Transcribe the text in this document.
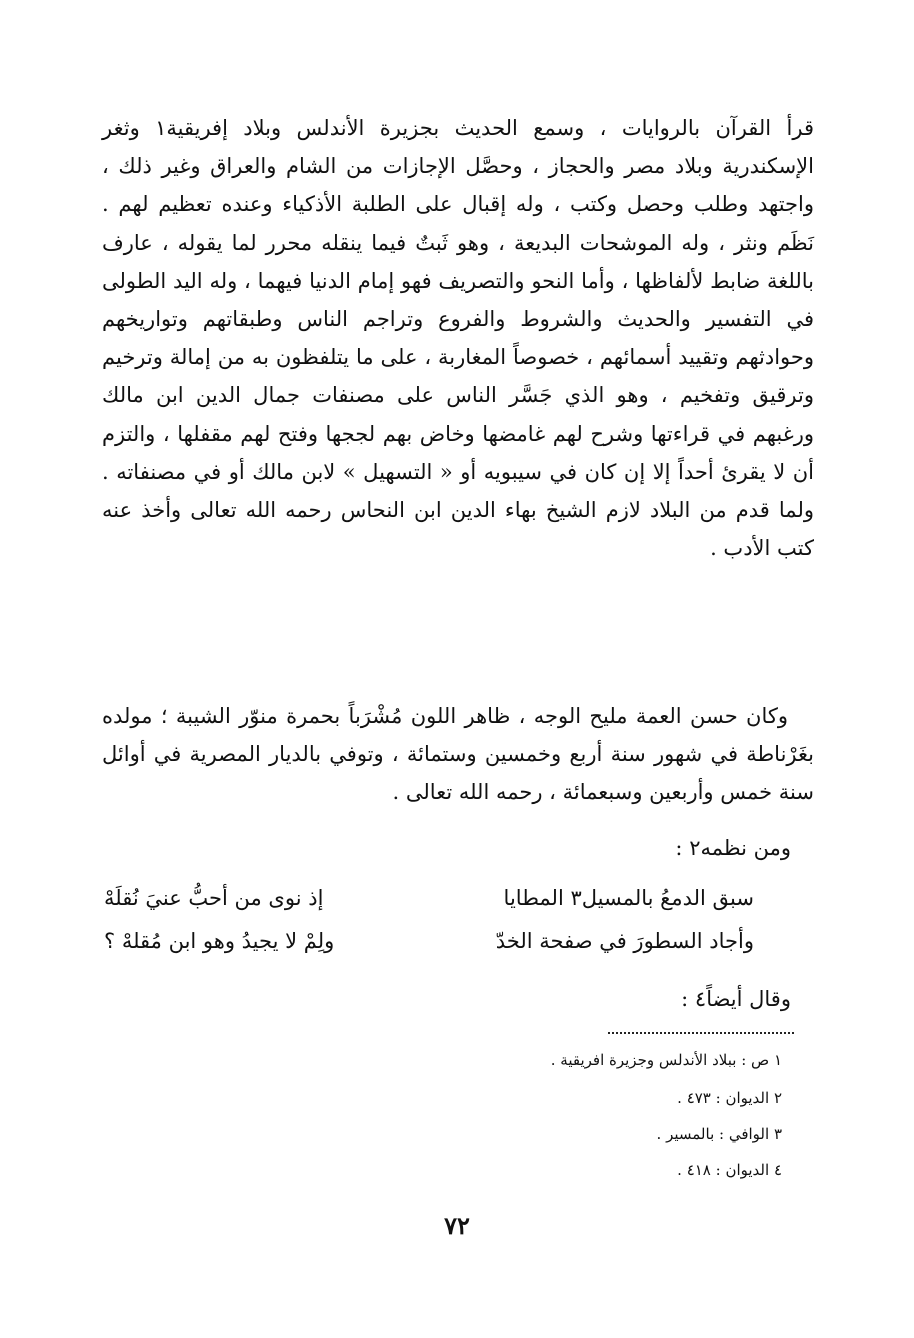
قرأ القرآن بالروايات ، وسمع الحديث بجزيرة الأندلس وبلاد إفريقية١ وثغر الإسكندرية وبلاد مصر والحجاز ، وحصَّل الإجازات من الشام والعراق وغير ذلك ، واجتهد وطلب وحصل وكتب ، وله إقبال على الطلبة الأذكياء وعنده تعظيم لهم . نَظَم ونثر ، وله الموشحات البديعة ، وهو ثَبتٌ فيما ينقله محرر لما يقوله ، عارف باللغة ضابط لألفاظها ، وأما النحو والتصريف فهو إمام الدنيا فيهما ، وله اليد الطولى في التفسير والحديث والشروط والفروع وتراجم الناس وطبقاتهم وتواريخهم وحوادثهم وتقييد أسمائهم ، خصوصاً المغاربة ، على ما يتلفظون به من إمالة وترخيم وترقيق وتفخيم ، وهو الذي جَسَّر الناس على مصنفات جمال الدين ابن مالك ورغبهم في قراءتها وشرح لهم غامضها وخاض بهم لججها وفتح لهم مقفلها ، والتزم أن لا يقرئ أحداً إلا إن كان في سيبويه أو « التسهيل » لابن مالك أو في مصنفاته . ولما قدم من البلاد لازم الشيخ بهاء الدين ابن النحاس رحمه الله تعالى وأخذ عنه كتب الأدب .
وكان حسن العمة مليح الوجه ، ظاهر اللون مُشْرَباً بحمرة منوّر الشيبة ؛ مولده بغَرْناطة في شهور سنة أربع وخمسين وستمائة ، وتوفي بالديار المصرية في أوائل سنة خمس وأربعين وسبعمائة ، رحمه الله تعالى .
ومن نظمه٢ :
سبق الدمعُ بالمسيل٣ المطايا
إذ نوى من أحبُّ عنيَ نُقلَهْ
وأجاد السطورَ في صفحة الخدّ
ولِمْ لا يجيدُ وهو ابن مُقلهْ ؟
وقال أيضاً٤ :
١ ص : ببلاد الأندلس وجزيرة افريقية .
٢ الديوان : ٤٧٣ .
٣ الوافي : بالمسير .
٤ الديوان : ٤١٨ .
٧٢
